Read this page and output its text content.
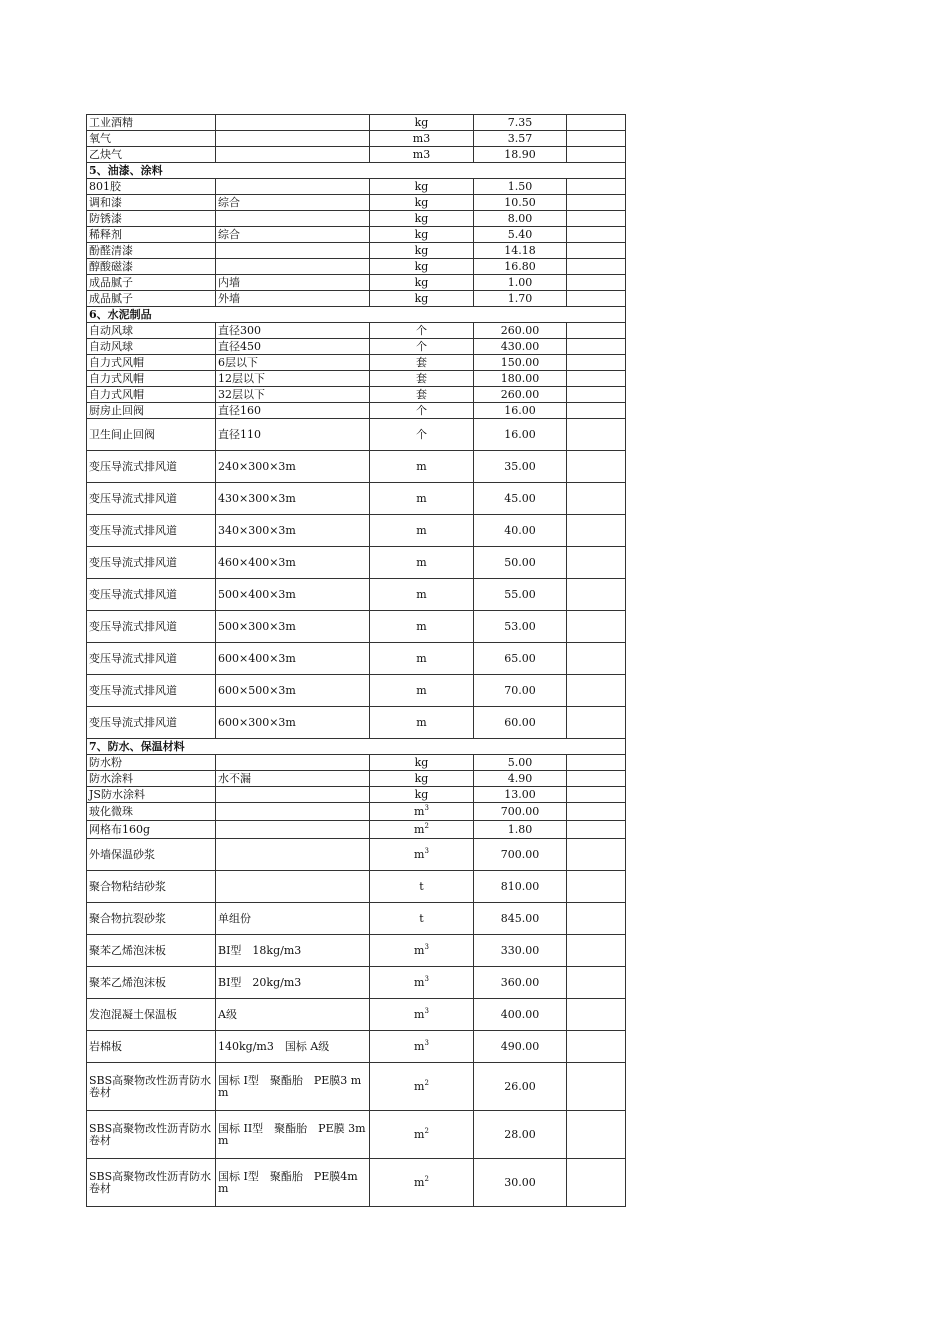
工业酒精		kg	7.35	
氧气		m3	3.57	
乙炔气		m3	18.90	
5、油漆、涂料				
801胶		kg	1.50	
调和漆	综合	kg	10.50	
防锈漆		kg	8.00	
稀释剂	综合	kg	5.40	
酚醛清漆		kg	14.18	
醇酸磁漆		kg	16.80	
成品腻子	内墙	kg	1.00	
成品腻子	外墙	kg	1.70	
6、水泥制品				
自动风球	直径300	个	260.00	
自动风球	直径450	个	430.00	
自力式风帽	6层以下	套	150.00	
自力式风帽	12层以下	套	180.00	
自力式风帽	32层以下	套	260.00	
厨房止回阀	直径160	个	16.00	
卫生间止回阀	直径110	个	16.00	
变压导流式排风道	240×300×3m	m	35.00	
变压导流式排风道	430×300×3m	m	45.00	
变压导流式排风道	340×300×3m	m	40.00	
变压导流式排风道	460×400×3m	m	50.00	
变压导流式排风道	500×400×3m	m	55.00	
变压导流式排风道	500×300×3m	m	53.00	
变压导流式排风道	600×400×3m	m	65.00	
变压导流式排风道	600×500×3m	m	70.00	
变压导流式排风道	600×300×3m	m	60.00	
7、防水、保温材料				
防水粉		kg	5.00	
防水涂料	水不漏	kg	4.90	
JS防水涂料		kg	13.00	
玻化微珠		$m^3$	700.00	
网格布160g		$m^2$	1.80	
外墙保温砂浆		$m^3$	700.00	
聚合物粘结砂浆		t	810.00	
聚合物抗裂砂浆	单组份	t	845.00	
聚苯乙烯泡沫板	BI型　18kg/m3	$m^3$	330.00	
聚苯乙烯泡沫板	BI型　20kg/m3	$m^3$	360.00	
发泡混凝土保温板	A级	$m^3$	400.00	
岩棉板	140kg/m3　国标 A级	$m^3$	490.00	
SBS高聚物改性沥青防水卷材	国标 I型　聚酯胎　PE膜3 mm	$m^2$	26.00	
SBS高聚物改性沥青防水卷材	国标 II型　聚酯胎　PE膜 3mm	$m^2$	28.00	
SBS高聚物改性沥青防水卷材	国标 I型　聚酯胎　PE膜4mm	$m^2$	30.00	
